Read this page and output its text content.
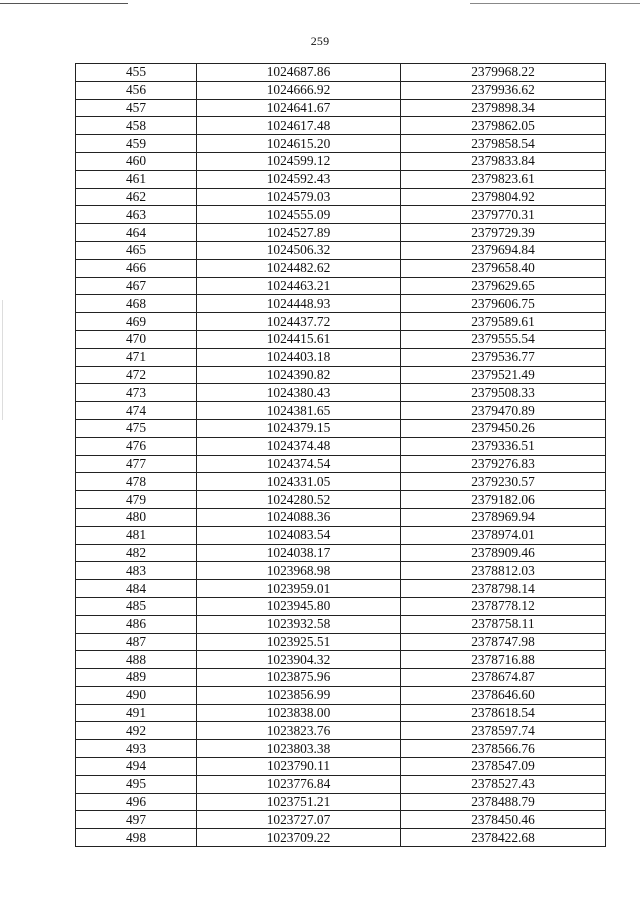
259
455	1024687.86	2379968.22
456	1024666.92	2379936.62
457	1024641.67	2379898.34
458	1024617.48	2379862.05
459	1024615.20	2379858.54
460	1024599.12	2379833.84
461	1024592.43	2379823.61
462	1024579.03	2379804.92
463	1024555.09	2379770.31
464	1024527.89	2379729.39
465	1024506.32	2379694.84
466	1024482.62	2379658.40
467	1024463.21	2379629.65
468	1024448.93	2379606.75
469	1024437.72	2379589.61
470	1024415.61	2379555.54
471	1024403.18	2379536.77
472	1024390.82	2379521.49
473	1024380.43	2379508.33
474	1024381.65	2379470.89
475	1024379.15	2379450.26
476	1024374.48	2379336.51
477	1024374.54	2379276.83
478	1024331.05	2379230.57
479	1024280.52	2379182.06
480	1024088.36	2378969.94
481	1024083.54	2378974.01
482	1024038.17	2378909.46
483	1023968.98	2378812.03
484	1023959.01	2378798.14
485	1023945.80	2378778.12
486	1023932.58	2378758.11
487	1023925.51	2378747.98
488	1023904.32	2378716.88
489	1023875.96	2378674.87
490	1023856.99	2378646.60
491	1023838.00	2378618.54
492	1023823.76	2378597.74
493	1023803.38	2378566.76
494	1023790.11	2378547.09
495	1023776.84	2378527.43
496	1023751.21	2378488.79
497	1023727.07	2378450.46
498	1023709.22	2378422.68
